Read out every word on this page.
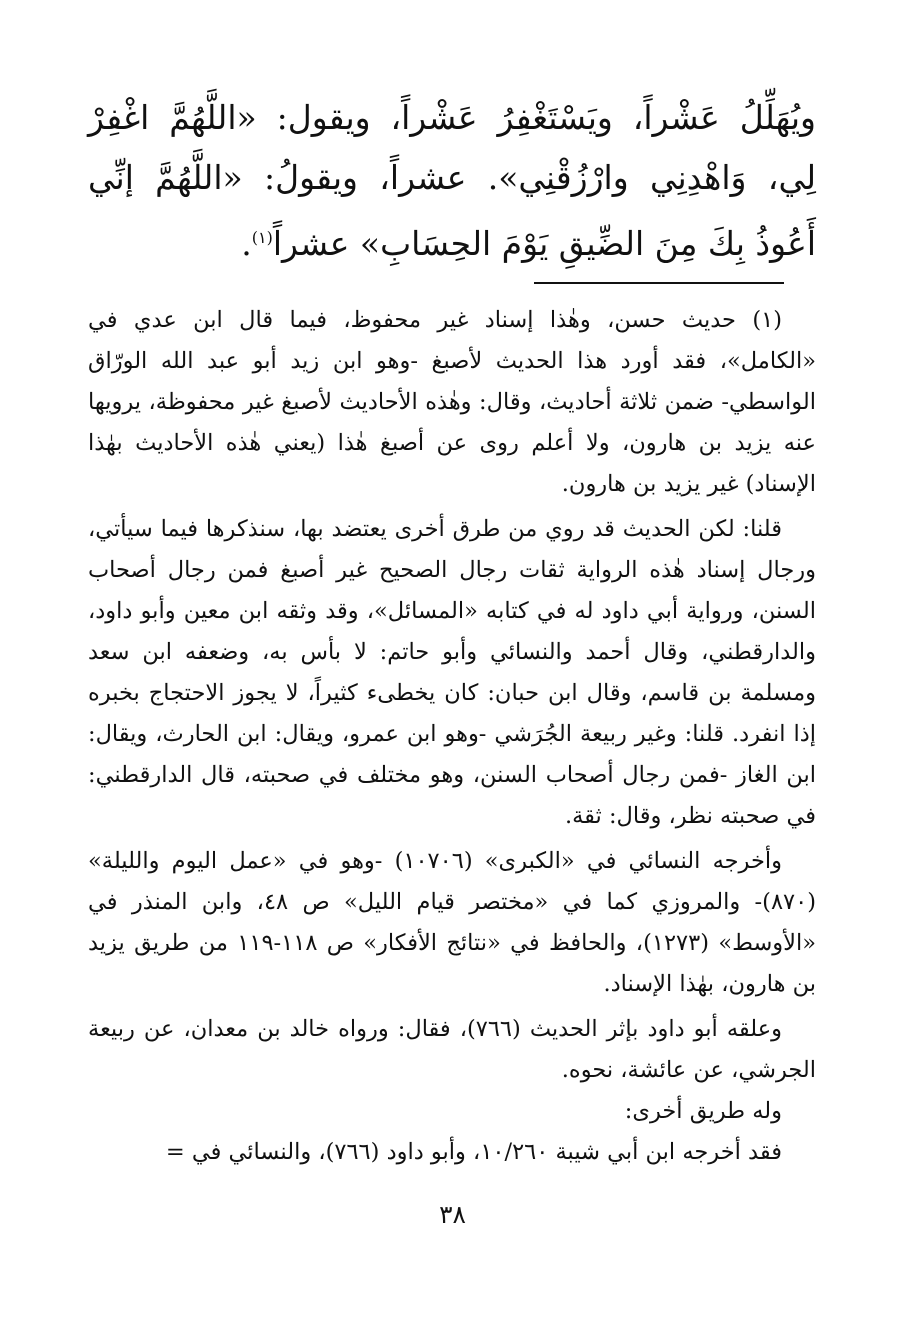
ويُهَلِّلُ عَشْراً، ويَسْتَغْفِرُ عَشْراً، ويقول: «اللَّهُمَّ اغْفِرْ لِي، وَاهْدِنِي وارْزُقْنِي». عشراً، ويقولُ: «اللَّهُمَّ إنِّي أَعُوذُ بِكَ مِنَ الضِّيقِ يَوْمَ الحِسَابِ» عشراً$^{(١)}$.

(١) حديث حسن، وهٰذا إسناد غير محفوظ، فيما قال ابن عدي في «الكامل»، فقد أورد هذا الحديث لأصبغ -وهو ابن زيد أبو عبد الله الورّاق الواسطي- ضمن ثلاثة أحاديث، وقال: وهٰذه الأحاديث لأصبغ غير محفوظة، يرويها عنه يزيد بن هارون، ولا أعلم روى عن أصبغ هٰذا (يعني هٰذه الأحاديث بهٰذا الإسناد) غير يزيد بن هارون.

قلنا: لكن الحديث قد روي من طرق أخرى يعتضد بها، سنذكرها فيما سيأتي، ورجال إسناد هٰذه الرواية ثقات رجال الصحيح غير أصبغ فمن رجال أصحاب السنن، ورواية أبي داود له في كتابه «المسائل»، وقد وثقه ابن معين وأبو داود، والدارقطني، وقال أحمد والنسائي وأبو حاتم: لا بأس به، وضعفه ابن سعد ومسلمة بن قاسم، وقال ابن حبان: كان يخطىء كثيراً، لا يجوز الاحتجاج بخبره إذا انفرد. قلنا: وغير ربيعة الجُرَشي -وهو ابن عمرو، ويقال: ابن الحارث، ويقال: ابن الغاز -فمن رجال أصحاب السنن، وهو مختلف في صحبته، قال الدارقطني: في صحبته نظر، وقال: ثقة.

وأخرجه النسائي في «الكبرى» (١٠٧٠٦) -وهو في «عمل اليوم والليلة» (٨٧٠)- والمروزي كما في «مختصر قيام الليل» ص ٤٨، وابن المنذر في «الأوسط» (١٢٧٣)، والحافظ في «نتائج الأفكار» ص ١١٨-١١٩ من طريق يزيد بن هارون، بهٰذا الإسناد.

وعلقه أبو داود بإثر الحديث (٧٦٦)، فقال: ورواه خالد بن معدان، عن ربيعة الجرشي، عن عائشة، نحوه.

وله طريق أخرى:

فقد أخرجه ابن أبي شيبة ١٠/٢٦٠، وأبو داود (٧٦٦)، والنسائي في =

٣٨
